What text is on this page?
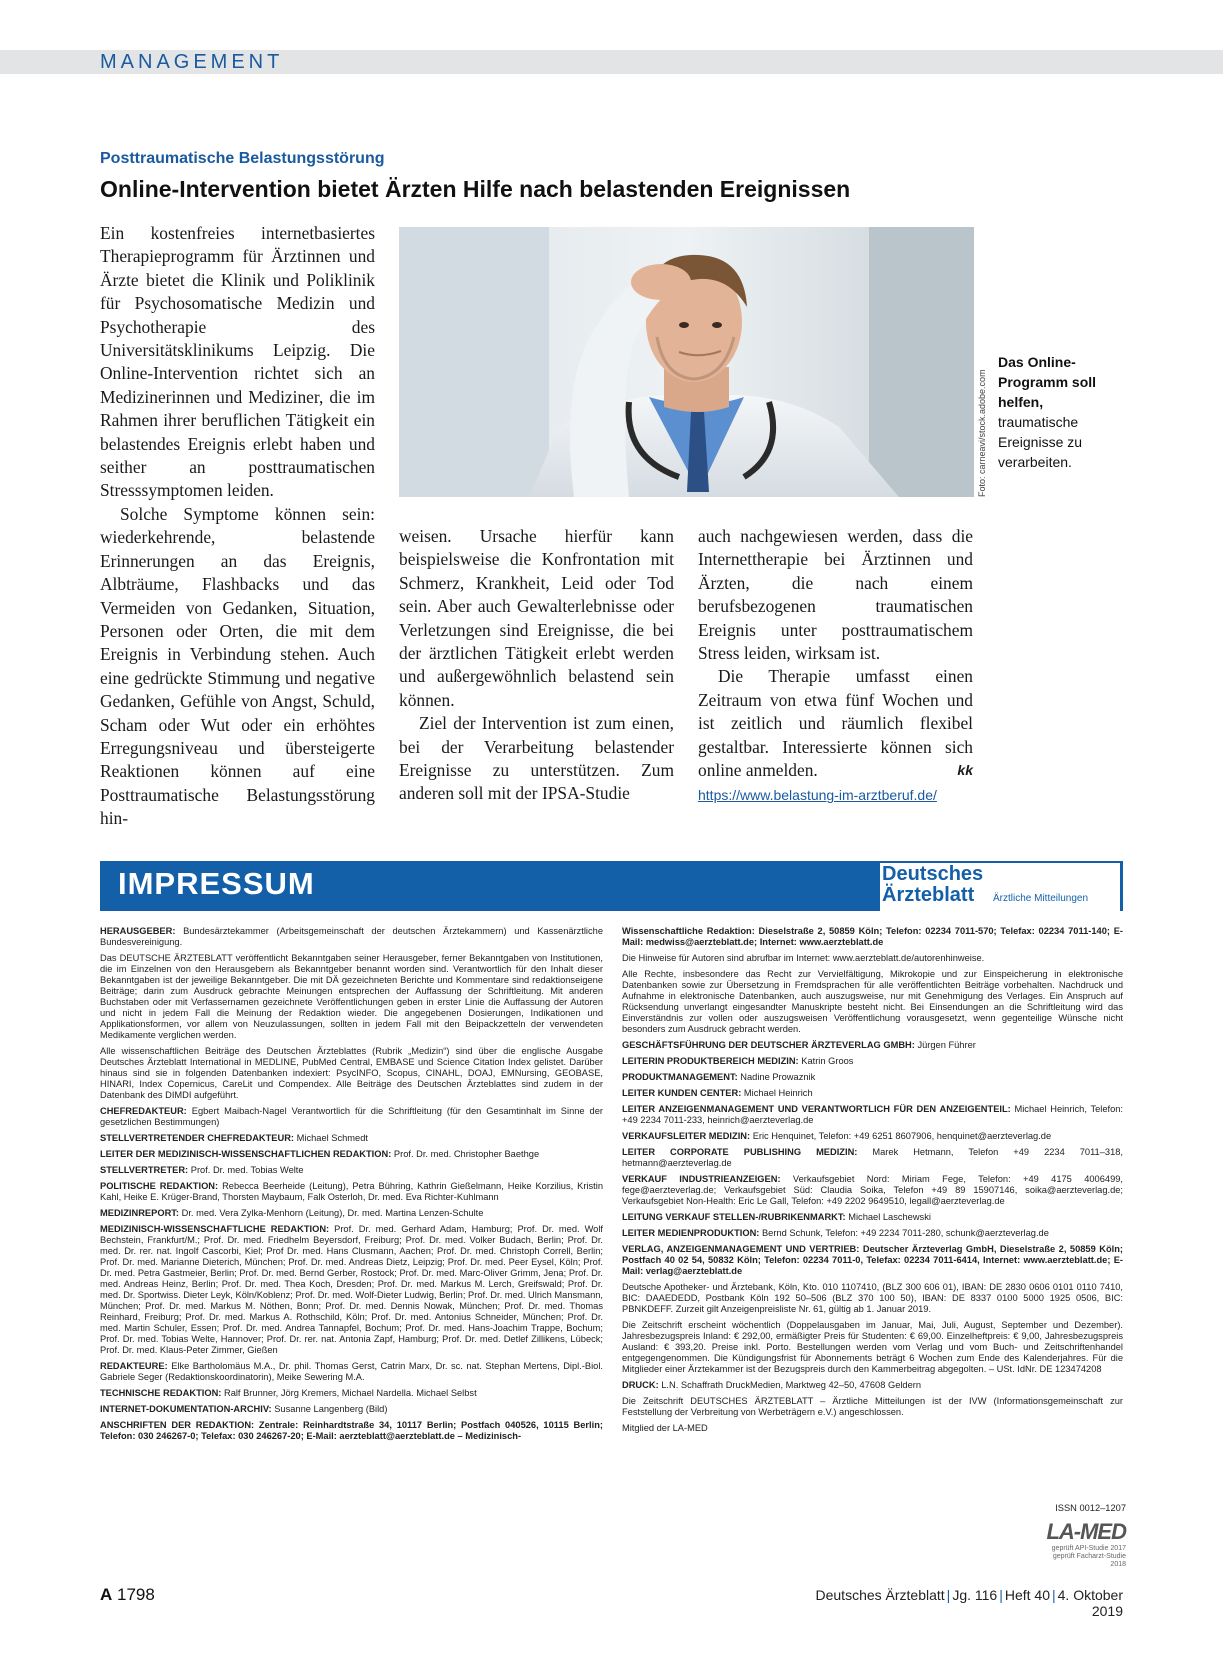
MANAGEMENT
Posttraumatische Belastungsstörung
Online-Intervention bietet Ärzten Hilfe nach belastenden Ereignissen

Ein kostenfreies internetbasiertes Therapieprogramm für Ärztinnen und Ärzte bietet die Klinik und Poliklinik für Psychosomatische Medizin und Psychotherapie des Universitätsklinikums Leipzig. Die Online-Intervention richtet sich an Medizinerinnen und Mediziner, die im Rahmen ihrer beruflichen Tätigkeit ein belastendes Ereignis erlebt haben und seither an posttraumatischen Stresssymptomen leiden.

Solche Symptome können sein: wiederkehrende, belastende Erinnerungen an das Ereignis, Albträume, Flashbacks und das Vermeiden von Gedanken, Situation, Personen oder Orten, die mit dem Ereignis in Verbindung stehen. Auch eine gedrückte Stimmung und negative Gedanken, Gefühle von Angst, Schuld, Scham oder Wut oder ein erhöhtes Erregungsniveau und übersteigerte Reaktionen können auf eine Posttraumatische Belastungsstörung hin-

Foto: carneavi/stock.adobe.com
Das Online-Programm soll helfen, traumatische Ereignisse zu verarbeiten.

weisen. Ursache hierfür kann beispielsweise die Konfrontation mit Schmerz, Krankheit, Leid oder Tod sein. Aber auch Gewalterlebnisse oder Verletzungen sind Ereignisse, die bei der ärztlichen Tätigkeit erlebt werden und außergewöhnlich belastend sein können.

Ziel der Intervention ist zum einen, bei der Verarbeitung belastender Ereignisse zu unterstützen. Zum anderen soll mit der IPSA-Studie

auch nachgewiesen werden, dass die Internettherapie bei Ärztinnen und Ärzten, die nach einem berufsbezogenen traumatischen Ereignis unter posttraumatischem Stress leiden, wirksam ist.

Die Therapie umfasst einen Zeitraum von etwa fünf Wochen und ist zeitlich und räumlich flexibel gestaltbar. Interessierte können sich online anmelden.	kk

https://www.belastung-im-arztberuf.de/
IMPRESSUM	Deutsches
Ärzteblatt Ärztliche Mitteilungen

HERAUSGEBER: Bundesärztekammer (Arbeitsgemeinschaft der deutschen Ärztekammern) und Kassenärztliche Bundesvereinigung.

Das DEUTSCHE ÄRZTEBLATT veröffentlicht Bekanntgaben seiner Herausgeber, ferner Bekanntgaben von Institutionen, die im Einzelnen von den Herausgebern als Bekanntgeber benannt worden sind. Verantwortlich für den Inhalt dieser Bekanntgaben ist der jeweilige Bekanntgeber. Die mit DÄ gezeichneten Berichte und Kommentare sind redaktionseigene Beiträge; darin zum Ausdruck gebrachte Meinungen entsprechen der Auffassung der Schriftleitung. Mit anderen Buchstaben oder mit Verfassernamen gezeichnete Veröffentlichungen geben in erster Linie die Auffassung der Autoren und nicht in jedem Fall die Meinung der Redaktion wieder. Die angegebenen Dosierungen, Indikationen und Applikationsformen, vor allem von Neuzulassungen, sollten in jedem Fall mit den Beipackzetteln der verwendeten Medikamente verglichen werden.

Alle wissenschaftlichen Beiträge des Deutschen Ärzteblattes (Rubrik „Medizin“) sind über die englische Ausgabe Deutsches Ärzteblatt International in MEDLINE, PubMed Central, EMBASE und Science Citation Index gelistet. Darüber hinaus sind sie in folgenden Datenbanken indexiert: PsycINFO, Scopus, CINAHL, DOAJ, EMNursing, GEOBASE, HINARI, Index Copernicus, CareLit und Compendex. Alle Beiträge des Deutschen Ärzteblattes sind zudem in der Datenbank des DIMDI aufgeführt.

CHEFREDAKTEUR: Egbert Maibach-Nagel Verantwortlich für die Schriftleitung (für den Gesamtinhalt im Sinne der gesetzlichen Bestimmungen)

STELLVERTRETENDER CHEFREDAKTEUR: Michael Schmedt

LEITER DER MEDIZINISCH-WISSENSCHAFTLICHEN REDAKTION: Prof. Dr. med. Christopher Baethge

STELLVERTRETER: Prof. Dr. med. Tobias Welte

POLITISCHE REDAKTION: Rebecca Beerheide (Leitung), Petra Bühring, Kathrin Gießelmann, Heike Korzilius, Kristin Kahl, Heike E. Krüger-Brand, Thorsten Maybaum, Falk Osterloh, Dr. med. Eva Richter-Kuhlmann

MEDIZINREPORT: Dr. med. Vera Zylka-Menhorn (Leitung), Dr. med. Martina Lenzen-Schulte

MEDIZINISCH-WISSENSCHAFTLICHE REDAKTION: Prof. Dr. med. Gerhard Adam, Hamburg; Prof. Dr. med. Wolf Bechstein, Frankfurt/M.; Prof. Dr. med. Friedhelm Beyersdorf, Freiburg; Prof. Dr. med. Volker Budach, Berlin; Prof. Dr. med. Dr. rer. nat. Ingolf Cascorbi, Kiel; Prof Dr. med. Hans Clusmann, Aachen; Prof. Dr. med. Christoph Correll, Berlin; Prof. Dr. med. Marianne Dieterich, München; Prof. Dr. med. Andreas Dietz, Leipzig; Prof. Dr. med. Peer Eysel, Köln; Prof. Dr. med. Petra Gastmeier, Berlin; Prof. Dr. med. Bernd Gerber, Rostock; Prof. Dr. med. Marc-Oliver Grimm, Jena; Prof. Dr. med. Andreas Heinz, Berlin; Prof. Dr. med. Thea Koch, Dresden; Prof. Dr. med. Markus M. Lerch, Greifswald; Prof. Dr. med. Dr. Sportwiss. Dieter Leyk, Köln/Koblenz; Prof. Dr. med. Wolf-Dieter Ludwig, Berlin; Prof. Dr. med. Ulrich Mansmann, München; Prof. Dr. med. Markus M. Nöthen, Bonn; Prof. Dr. med. Dennis Nowak, München; Prof. Dr. med. Thomas Reinhard, Freiburg; Prof. Dr. med. Markus A. Rothschild, Köln; Prof. Dr. med. Antonius Schneider, München; Prof. Dr. med. Martin Schuler, Essen; Prof. Dr. med. Andrea Tannapfel, Bochum; Prof. Dr. med. Hans-Joachim Trappe, Bochum; Prof. Dr. med. Tobias Welte, Hannover; Prof. Dr. rer. nat. Antonia Zapf, Hamburg; Prof. Dr. med. Detlef Zillikens, Lübeck; Prof. Dr. med. Klaus-Peter Zimmer, Gießen

REDAKTEURE: Elke Bartholomäus M.A., Dr. phil. Thomas Gerst, Catrin Marx, Dr. sc. nat. Stephan Mertens, Dipl.-Biol. Gabriele Seger (Redaktionskoordinatorin), Meike Sewering M.A.

TECHNISCHE REDAKTION: Ralf Brunner, Jörg Kremers, Michael Nardella. Michael Selbst

INTERNET-DOKUMENTATION-ARCHIV: Susanne Langenberg (Bild)

ANSCHRIFTEN DER REDAKTION: Zentrale: Reinhardtstraße 34, 10117 Berlin; Postfach 040526, 10115 Berlin; Telefon: 030 246267-0; Telefax: 030 246267-20; E-Mail: aerzteblatt@aerzteblatt.de – Medizinisch-

Wissenschaftliche Redaktion: Dieselstraße 2, 50859 Köln; Telefon: 02234 7011-570; Telefax: 02234 7011-140; E-Mail: medwiss@aerzteblatt.de; Internet: www.aerzteblatt.de

Die Hinweise für Autoren sind abrufbar im Internet: www.aerzteblatt.de/autorenhinweise.

Alle Rechte, insbesondere das Recht zur Vervielfältigung, Mikrokopie und zur Einspeicherung in elektronische Datenbanken sowie zur Übersetzung in Fremdsprachen für alle veröffentlichten Beiträge vorbehalten. Nachdruck und Aufnahme in elektronische Datenbanken, auch auszugsweise, nur mit Genehmigung des Verlages. Ein Anspruch auf Rücksendung unverlangt eingesandter Manuskripte besteht nicht. Bei Einsendungen an die Schriftleitung wird das Einverständnis zur vollen oder auszugsweisen Veröffentlichung vorausgesetzt, wenn gegenteilige Wünsche nicht besonders zum Ausdruck gebracht werden.

GESCHÄFTSFÜHRUNG DER DEUTSCHER ÄRZTEVERLAG GMBH: Jürgen Führer

LEITERIN PRODUKTBEREICH MEDIZIN: Katrin Groos

PRODUKTMANAGEMENT: Nadine Prowaznik

LEITER KUNDEN CENTER: Michael Heinrich

LEITER ANZEIGENMANAGEMENT UND VERANTWORTLICH FÜR DEN ANZEIGENTEIL: Michael Heinrich, Telefon: +49 2234 7011-233, heinrich@aerzteverlag.de

VERKAUFSLEITER MEDIZIN: Eric Henquinet, Telefon: +49 6251 8607906, henquinet@aerzteverlag.de

LEITER CORPORATE PUBLISHING MEDIZIN: Marek Hetmann, Telefon +49 2234 7011–318, hetmann@aerzteverlag.de

VERKAUF INDUSTRIEANZEIGEN: Verkaufsgebiet Nord: Miriam Fege, Telefon: +49 4175 4006499, fege@aerzteverlag.de; Verkaufsgebiet Süd: Claudia Soika, Telefon +49 89 15907146, soika@aerzteverlag.de; Verkaufsgebiet Non-Health: Eric Le Gall, Telefon: +49 2202 9649510, legall@aerzteverlag.de

LEITUNG VERKAUF STELLEN-/RUBRIKENMARKT: Michael Laschewski

LEITER MEDIENPRODUKTION: Bernd Schunk, Telefon: +49 2234 7011-280, schunk@aerzteverlag.de

VERLAG, ANZEIGENMANAGEMENT UND VERTRIEB: Deutscher Ärzteverlag GmbH, Dieselstraße 2, 50859 Köln; Postfach 40 02 54, 50832 Köln; Telefon: 02234 7011-0, Telefax: 02234 7011-6414, Internet: www.aerzteblatt.de; E-Mail: verlag@aerzteblatt.de

Deutsche Apotheker- und Ärztebank, Köln, Kto. 010 1107410, (BLZ 300 606 01), IBAN: DE 2830 0606 0101 0110 7410, BIC: DAAEDEDD, Postbank Köln 192 50–506 (BLZ 370 100 50), IBAN: DE 8337 0100 5000 1925 0506, BIC: PBNKDEFF. Zurzeit gilt Anzeigenpreisliste Nr. 61, gültig ab 1. Januar 2019.

Die Zeitschrift erscheint wöchentlich (Doppelausgaben im Januar, Mai, Juli, August, September und Dezember). Jahresbezugspreis Inland: € 292,00, ermäßigter Preis für Studenten: € 69,00. Einzelheftpreis: € 9,00, Jahresbezugspreis Ausland: € 393,20. Preise inkl. Porto. Bestellungen werden vom Verlag und vom Buch- und Zeitschriftenhandel entgegengenommen. Die Kündigungsfrist für Abonnements beträgt 6 Wochen zum Ende des Kalenderjahres. Für die Mitglieder einer Ärztekammer ist der Bezugspreis durch den Kammerbeitrag abgegolten. – USt. IdNr. DE 123474208

DRUCK: L.N. Schaffrath DruckMedien, Marktweg 42–50, 47608 Geldern

Die Zeitschrift DEUTSCHES ÄRZTEBLATT – Ärztliche Mitteilungen ist der IVW (Informationsgemeinschaft zur Feststellung der Verbreitung von Werbeträgern e.V.) angeschlossen.

Mitglied der LA-MED

ISSN 0012–1207
LA-MED
geprüft API-Studie 2017
geprüft Facharzt-Studie 2018
A 1798	Deutsches Ärzteblatt | Jg. 116 | Heft 40 | 4. Oktober 2019
